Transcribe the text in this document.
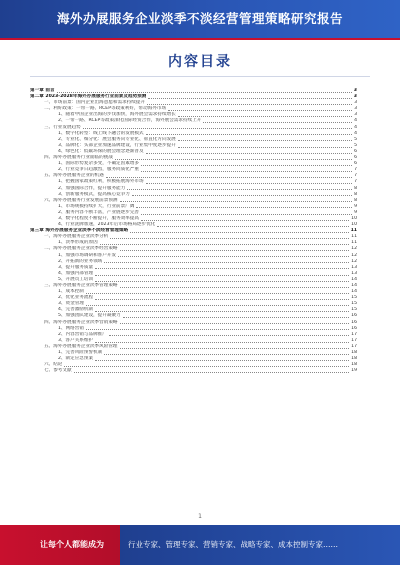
海外办展服务企业淡季不淡经营管理策略研究报告
内容目录
第一章 前言	3
第二章 2023-2028年海外办展服务行业前景及趋势预测	3
一、市场前景：国内企业出海意愿和需求持续提升	3
二、利好政策：一带一路、RCEP等政策利好，带动海外市场	3
1、随着中国企业出海的步伐加快，海外展会需求持续增长	3
2、一带一路、RCEP等政策深化国际经贸合作，海外展会需求持续上升	4
三、行业发展趋势	4
1、数字化转型：线上线下融合的发展模式	4
2、专业化、细分化：展会服务向专业化、垂直化方向发展	5
3、品牌化：头部企业加速品牌建设，行业集中度逐步提升	5
4、绿色化：低碳环保的展会理念逐渐普及	6
四、海外办展服务行业面临的挑战	6
1、国际形势复杂多变，不确定因素增多	6
2、行业竞争日趋激烈，服务同质化严重	7
五、海外办展服务企业的机遇	7
1、把握国家政策红利，积极拓展海外市场	7
2、加强国际合作，提升服务能力	8
3、创新服务模式，提高核心竞争力	8
六、海外办展服务行业发展前景预测	8
1、市场规模持续扩大，行业前景广阔	9
2、服务内容不断丰富，产业链逐步完善	9
3、数字化程度不断提升，服务效率提高	10
4、行业洗牌加速，2023年后市场格局逐步优化	10
第三章 海外办展服务企业淡季不淡经营管理策略	11
一、海外办展服务企业淡季分析	11
1、淡季形成的原因	11
二、海外办展服务企业淡季经营策略	12
1、加强市场调研和客户开发	12
2、开拓新的业务领域	12
3、提升服务质量	13
4、加强内部管理	13
5、开展员工培训	14
三、海外办展服务企业淡季管理策略	14
1、成本控制	14
2、优化业务流程	15
3、资金管理	15
4、完善激励机制	15
5、加强团队建设，提升凝聚力	16
四、海外办展服务企业淡季营销策略	16
1、网络营销	16
2、内容营销与品牌推广	17
3、客户关系维护	17
五、海外办展服务企业淡季风险管理	17
1、完善风险预警机制	18
2、制定应急预案	18
六、结论	18
七、参考文献	19
1
让每个人都能成为	行业专家、管理专家、营销专家、战略专家、成本控制专家……
